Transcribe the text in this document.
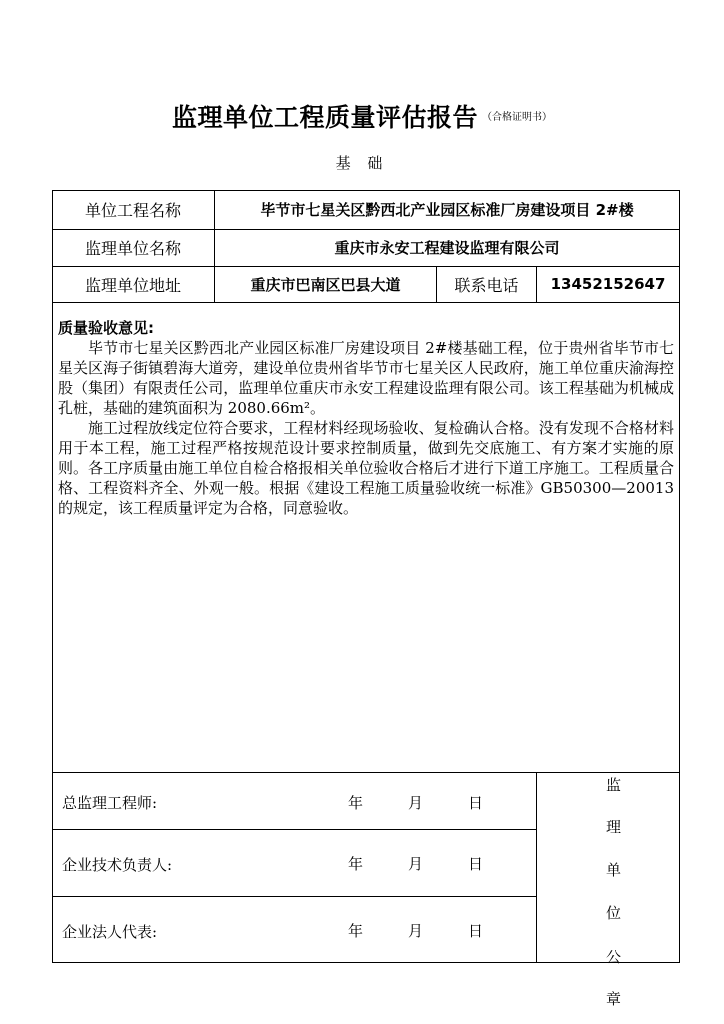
监理单位工程质量评估报告 $^{(合格证明书)}$
基 础
单位工程名称	毕节市七星关区黔西北产业园区标准厂房建设项目 2#楼
监理单位名称	重庆市永安工程建设监理有限公司
监理单位地址	重庆市巴南区巴县大道	联系电话	13452152647
质量验收意见:
毕节市七星关区黔西北产业园区标准厂房建设项目 2#楼基础工程，位于贵州省毕节市七星关区海子街镇碧海大道旁，建设单位贵州省毕节市七星关区人民政府，施工单位重庆渝海控股（集团）有限责任公司，监理单位重庆市永安工程建设监理有限公司。该工程基础为机械成孔桩，基础的建筑面积为 2080.66m²。
施工过程放线定位符合要求，工程材料经现场验收、复检确认合格。没有发现不合格材料用于本工程，施工过程严格按规范设计要求控制质量，做到先交底施工、有方案才实施的原则。各工序质量由施工单位自检合格报相关单位验收合格后才进行下道工序施工。工程质量合格、工程资料齐全、外观一般。根据《建设工程施工质量验收统一标准》GB50300—20013 的规定，该工程质量评定为合格，同意验收。
总监理工程师:	年	月	日
企业技术负责人:	年	月	日
企业法人代表:	年	月	日
监
理
单
位
公
章
